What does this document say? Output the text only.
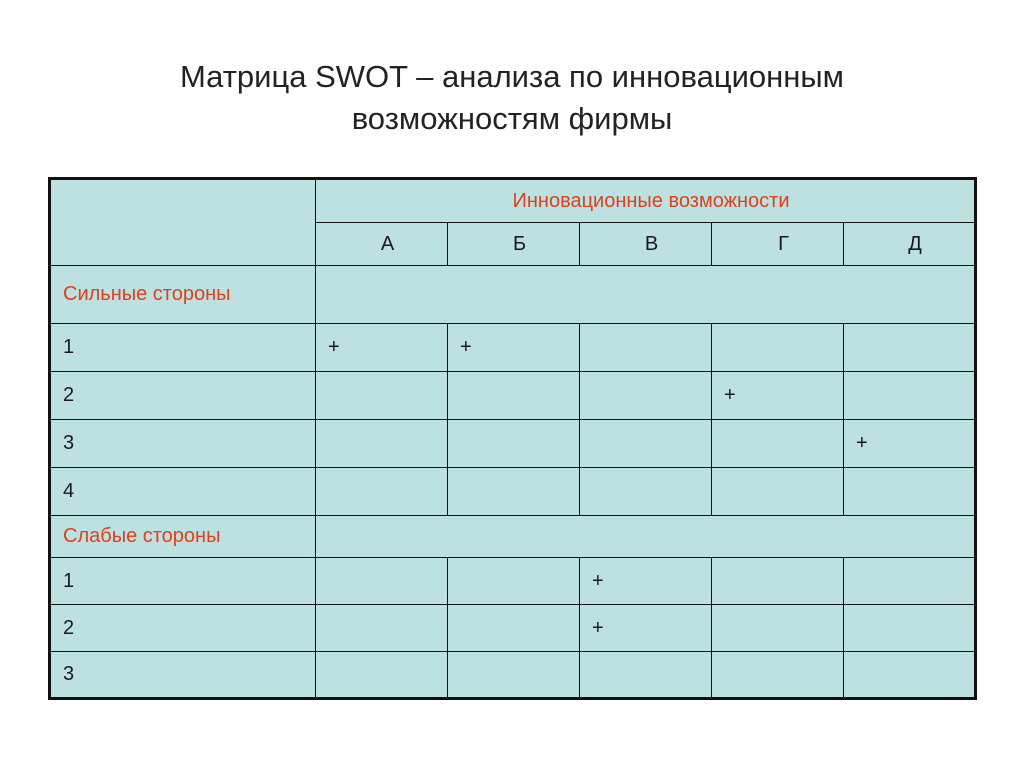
Матрица SWOT – анализа по инновационным
возможностям фирмы
	Инновационные возможности				
	А	Б	В	Г	Д
Сильные стороны					
1	+	+			
2				+	
3					+
4					
Слабые стороны					
1			+		
2			+		
3					
